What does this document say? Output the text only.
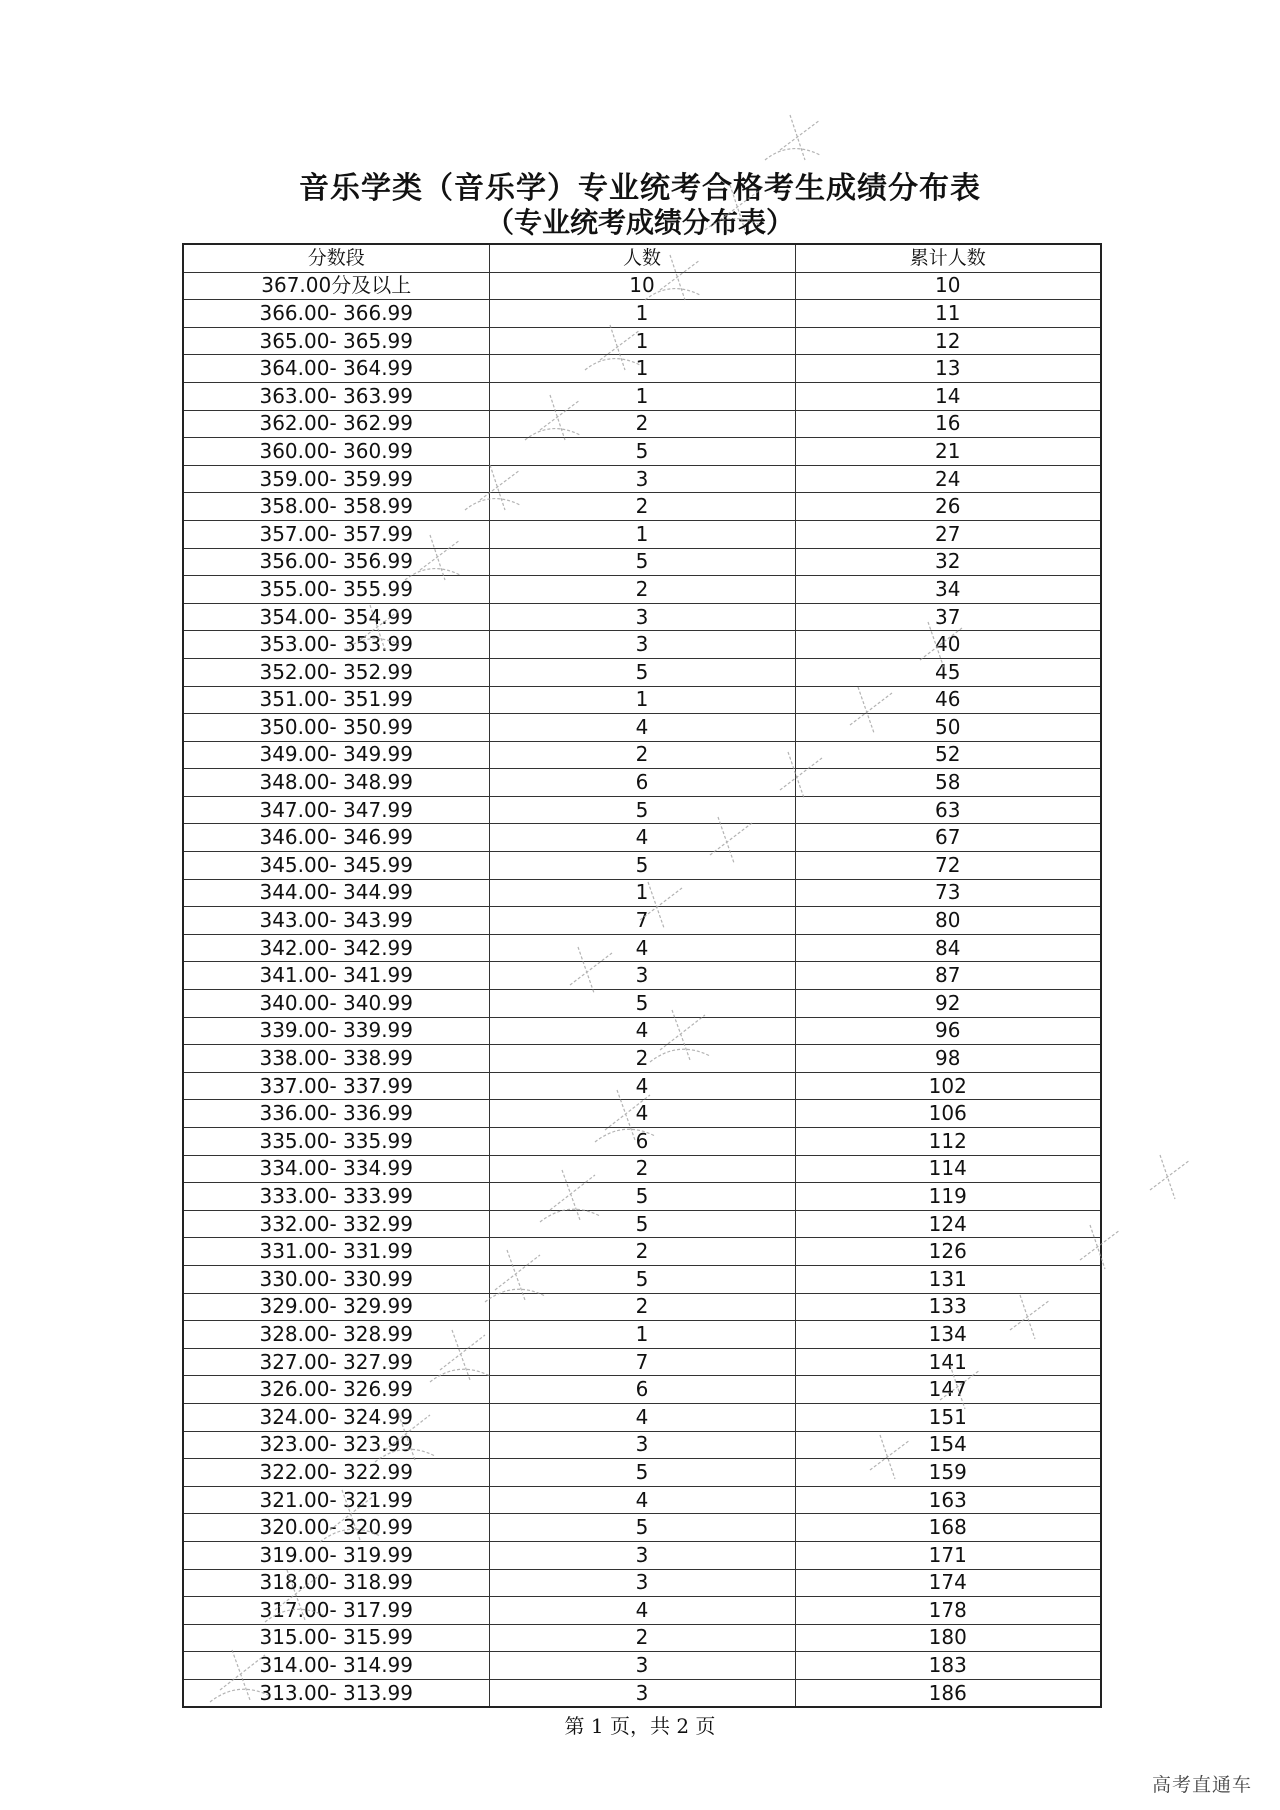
音乐学类（音乐学）专业统考合格考生成绩分布表
（专业统考成绩分布表）
分数段	人数	累计人数
367.00分及以上	10	10
366.00- 366.99	1	11
365.00- 365.99	1	12
364.00- 364.99	1	13
363.00- 363.99	1	14
362.00- 362.99	2	16
360.00- 360.99	5	21
359.00- 359.99	3	24
358.00- 358.99	2	26
357.00- 357.99	1	27
356.00- 356.99	5	32
355.00- 355.99	2	34
354.00- 354.99	3	37
353.00- 353.99	3	40
352.00- 352.99	5	45
351.00- 351.99	1	46
350.00- 350.99	4	50
349.00- 349.99	2	52
348.00- 348.99	6	58
347.00- 347.99	5	63
346.00- 346.99	4	67
345.00- 345.99	5	72
344.00- 344.99	1	73
343.00- 343.99	7	80
342.00- 342.99	4	84
341.00- 341.99	3	87
340.00- 340.99	5	92
339.00- 339.99	4	96
338.00- 338.99	2	98
337.00- 337.99	4	102
336.00- 336.99	4	106
335.00- 335.99	6	112
334.00- 334.99	2	114
333.00- 333.99	5	119
332.00- 332.99	5	124
331.00- 331.99	2	126
330.00- 330.99	5	131
329.00- 329.99	2	133
328.00- 328.99	1	134
327.00- 327.99	7	141
326.00- 326.99	6	147
324.00- 324.99	4	151
323.00- 323.99	3	154
322.00- 322.99	5	159
321.00- 321.99	4	163
320.00- 320.99	5	168
319.00- 319.99	3	171
318.00- 318.99	3	174
317.00- 317.99	4	178
315.00- 315.99	2	180
314.00- 314.99	3	183
313.00- 313.99	3	186
第 1 页，共 2 页
高考直通车
